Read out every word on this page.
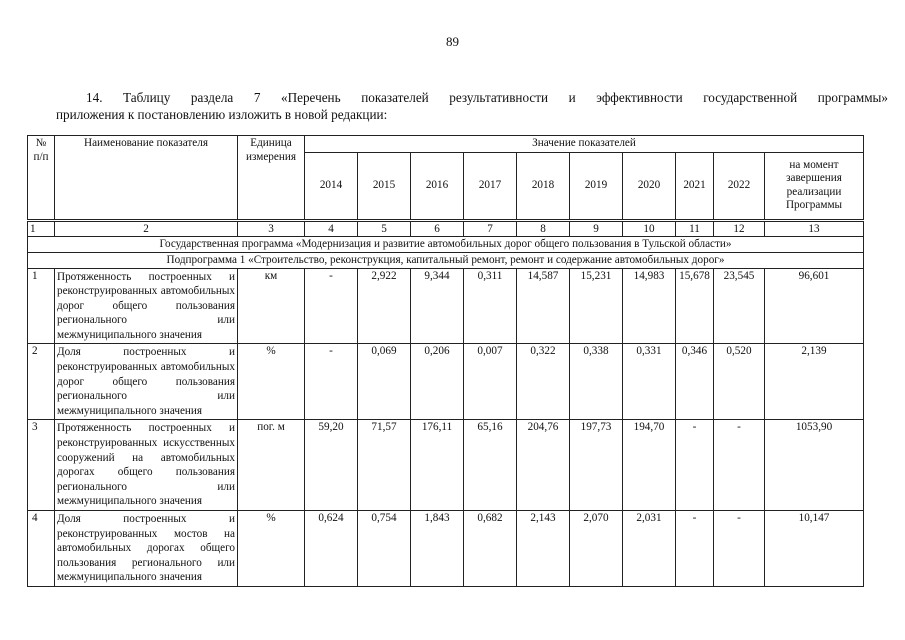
89
14. Таблицу раздела 7 «Перечень показателей результативности и эффективности государственной программы»
приложения к постановлению изложить в новой редакции:
№ п/п	Наименование показателя	Единица измерения	Значение показателей									
			2014	2015	2016	2017	2018	2019	2020	2021	2022	на момент завершения реализации Программы
1	2	3	4	5	6	7	8	9	10	11	12	13
Государственная программа «Модернизация и развитие автомобильных дорог общего пользования в Тульской области»												
Подпрограмма 1 «Строительство, реконструкция, капитальный ремонт, ремонт и содержание автомобильных дорог»												
1	Протяженность построенных и
реконструированных автомобильных дорог общего пользования регионального или межмуниципального значения	км	-	2,922	9,344	0,311	14,587	15,231	14,983	15,678	23,545	96,601
2	Доля построенных и
реконструированных автомобильных дорог общего пользования регионального или межмуниципального значения	%	-	0,069	0,206	0,007	0,322	0,338	0,331	0,346	0,520	2,139
3	Протяженность построенных и
реконструированных искусственных сооружений на автомобильных дорогах общего пользования регионального или межмуниципального значения	пог. м	59,20	71,57	176,11	65,16	204,76	197,73	194,70	-	-	1053,90
4	Доля построенных и
реконструированных мостов на автомобильных дорогах общего пользования регионального или межмуниципального значения	%	0,624	0,754	1,843	0,682	2,143	2,070	2,031	-	-	10,147
